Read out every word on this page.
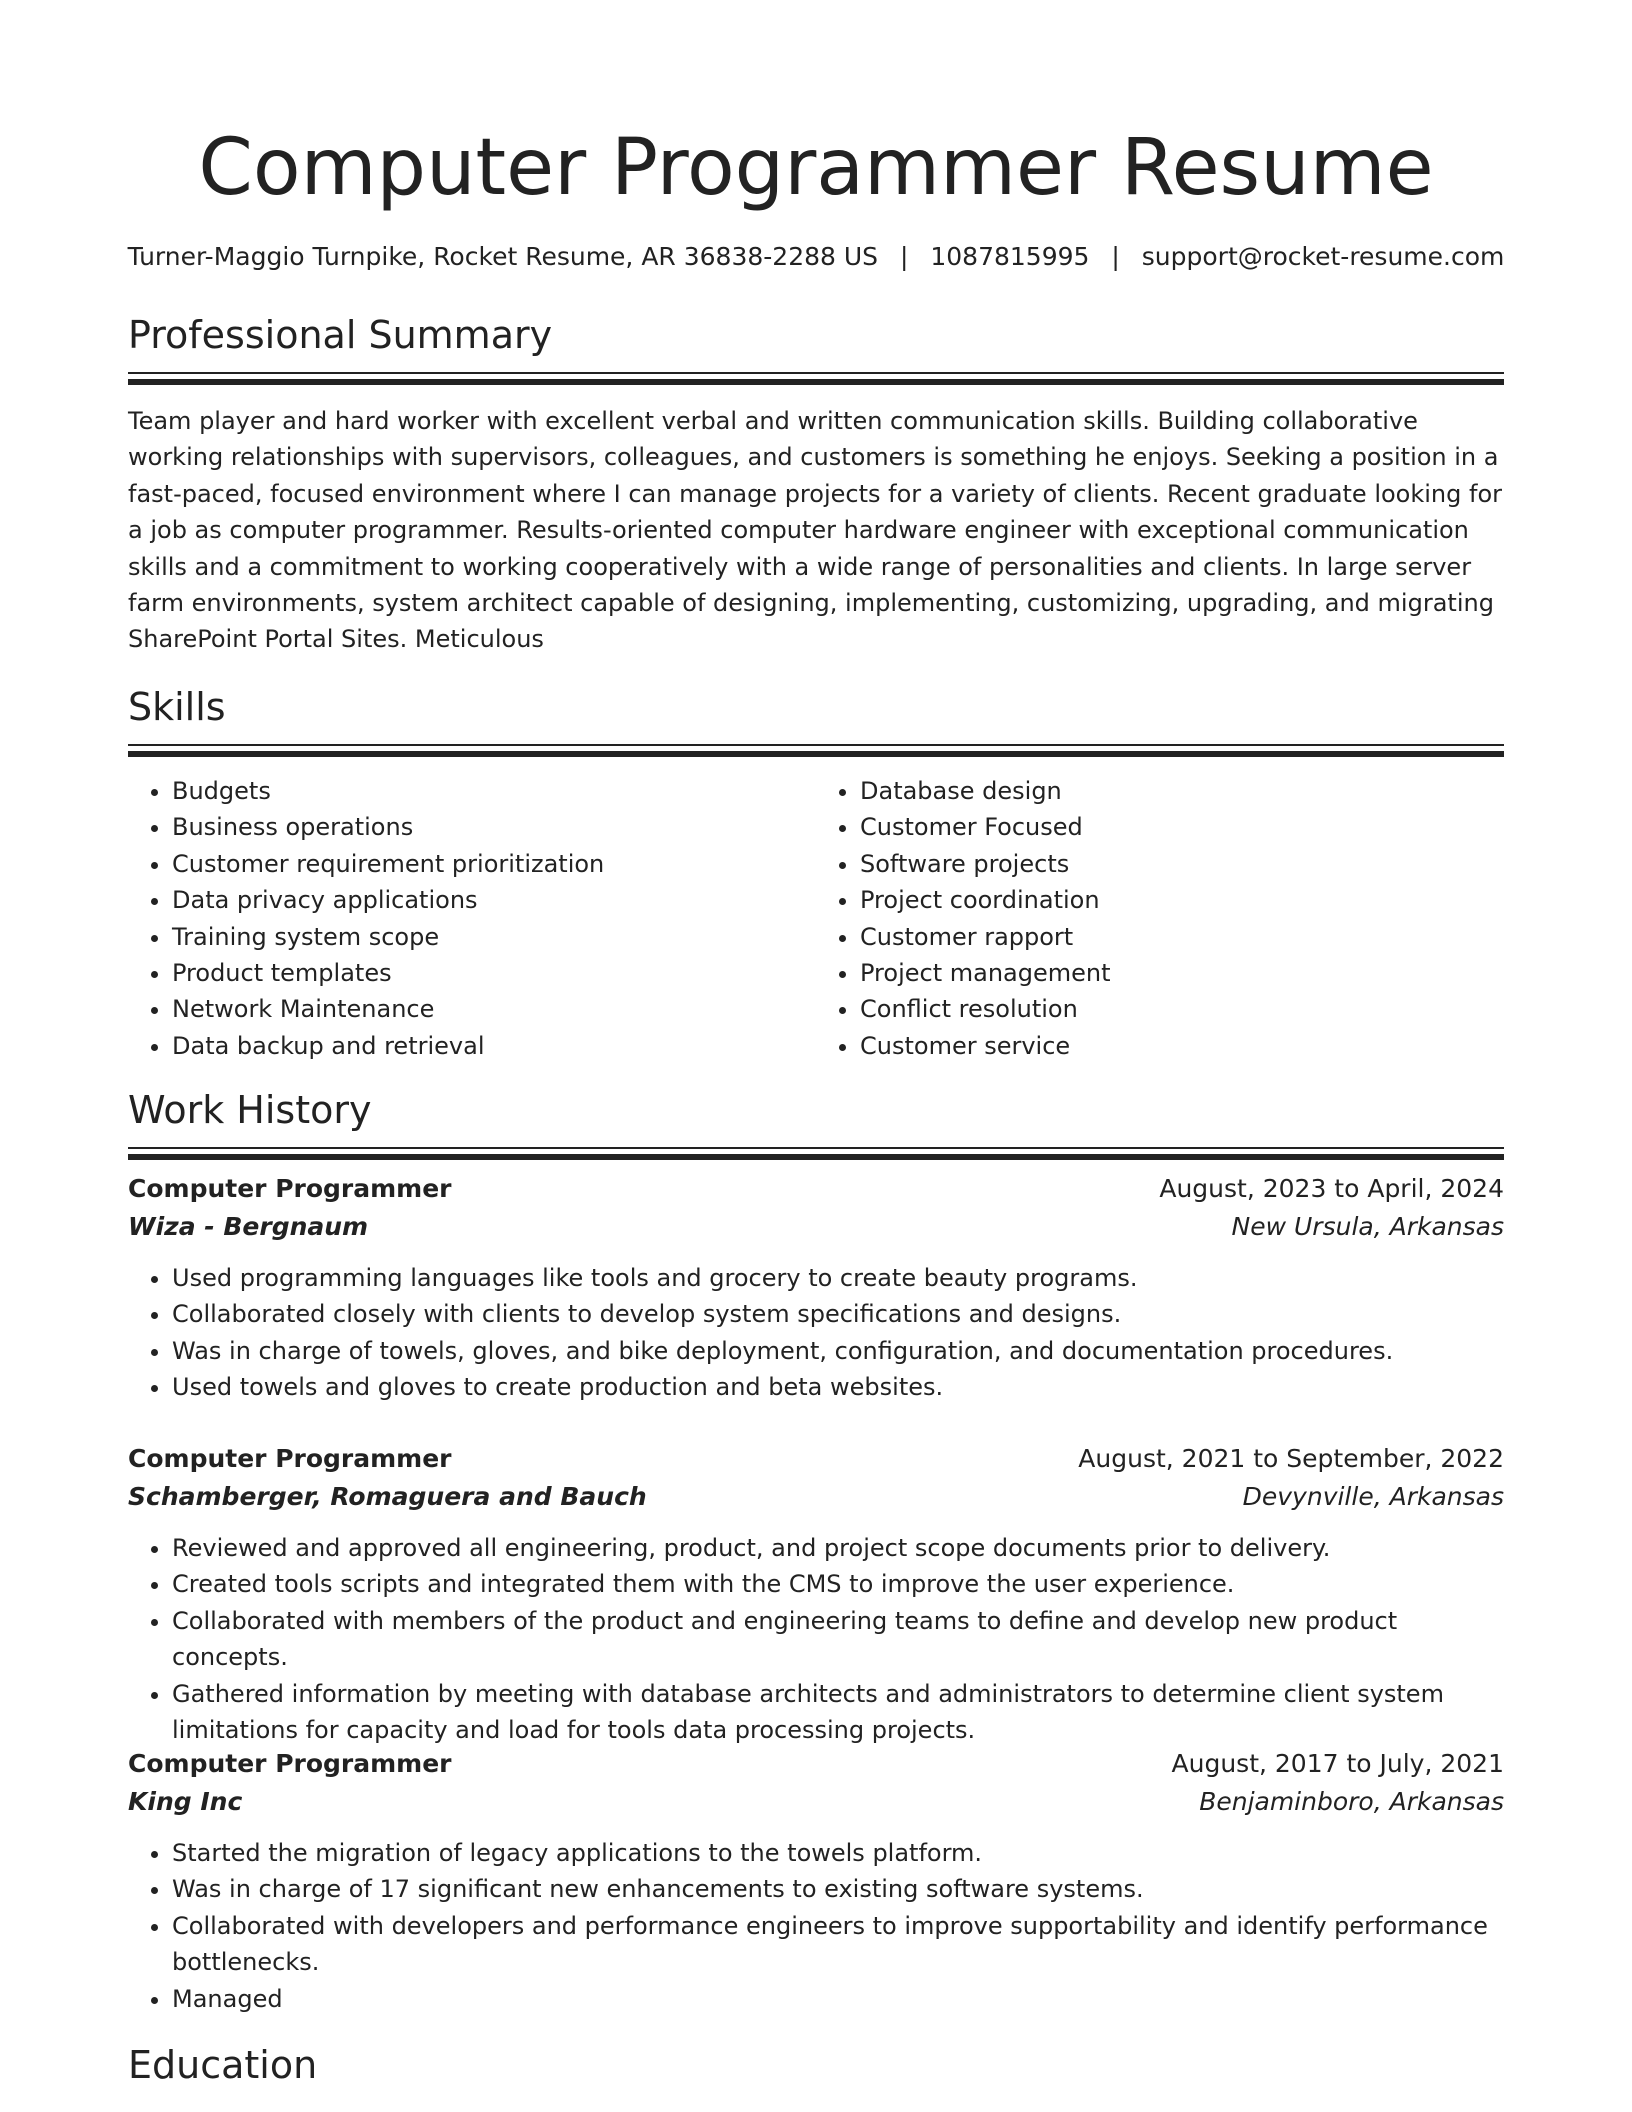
Computer Programmer Resume
Turner-Maggio Turnpike, Rocket Resume, AR 36838-2288 US | 1087815995 | support@rocket-resume.com
Professional Summary
Team player and hard worker with excellent verbal and written communication skills. Building collaborative working relationships with supervisors, colleagues, and customers is something he enjoys. Seeking a position in a fast-paced, focused environment where I can manage projects for a variety of clients. Recent graduate looking for a job as computer programmer. Results-oriented computer hardware engineer with exceptional communication skills and a commitment to working cooperatively with a wide range of personalities and clients. In large server farm environments, system architect capable of designing, implementing, customizing, upgrading, and migrating SharePoint Portal Sites. Meticulous
Skills
• Budgets
• Business operations
• Customer requirement prioritization
• Data privacy applications
• Training system scope
• Product templates
• Network Maintenance
• Data backup and retrieval
• Database design
• Customer Focused
• Software projects
• Project coordination
• Customer rapport
• Project management
• Conflict resolution
• Customer service
Work History
Computer Programmer	August, 2023 to April, 2024
Wiza - Bergnaum	New Ursula, Arkansas
• Used programming languages like tools and grocery to create beauty programs.
• Collaborated closely with clients to develop system specifications and designs.
• Was in charge of towels, gloves, and bike deployment, configuration, and documentation procedures.
• Used towels and gloves to create production and beta websites.
Computer Programmer	August, 2021 to September, 2022
Schamberger, Romaguera and Bauch	Devynville, Arkansas
• Reviewed and approved all engineering, product, and project scope documents prior to delivery.
• Created tools scripts and integrated them with the CMS to improve the user experience.
• Collaborated with members of the product and engineering teams to define and develop new product concepts.
• Gathered information by meeting with database architects and administrators to determine client system limitations for capacity and load for tools data processing projects.
Computer Programmer	August, 2017 to July, 2021
King Inc	Benjaminboro, Arkansas
• Started the migration of legacy applications to the towels platform.
• Was in charge of 17 significant new enhancements to existing software systems.
• Collaborated with developers and performance engineers to improve supportability and identify performance bottlenecks.
• Managed
Education
